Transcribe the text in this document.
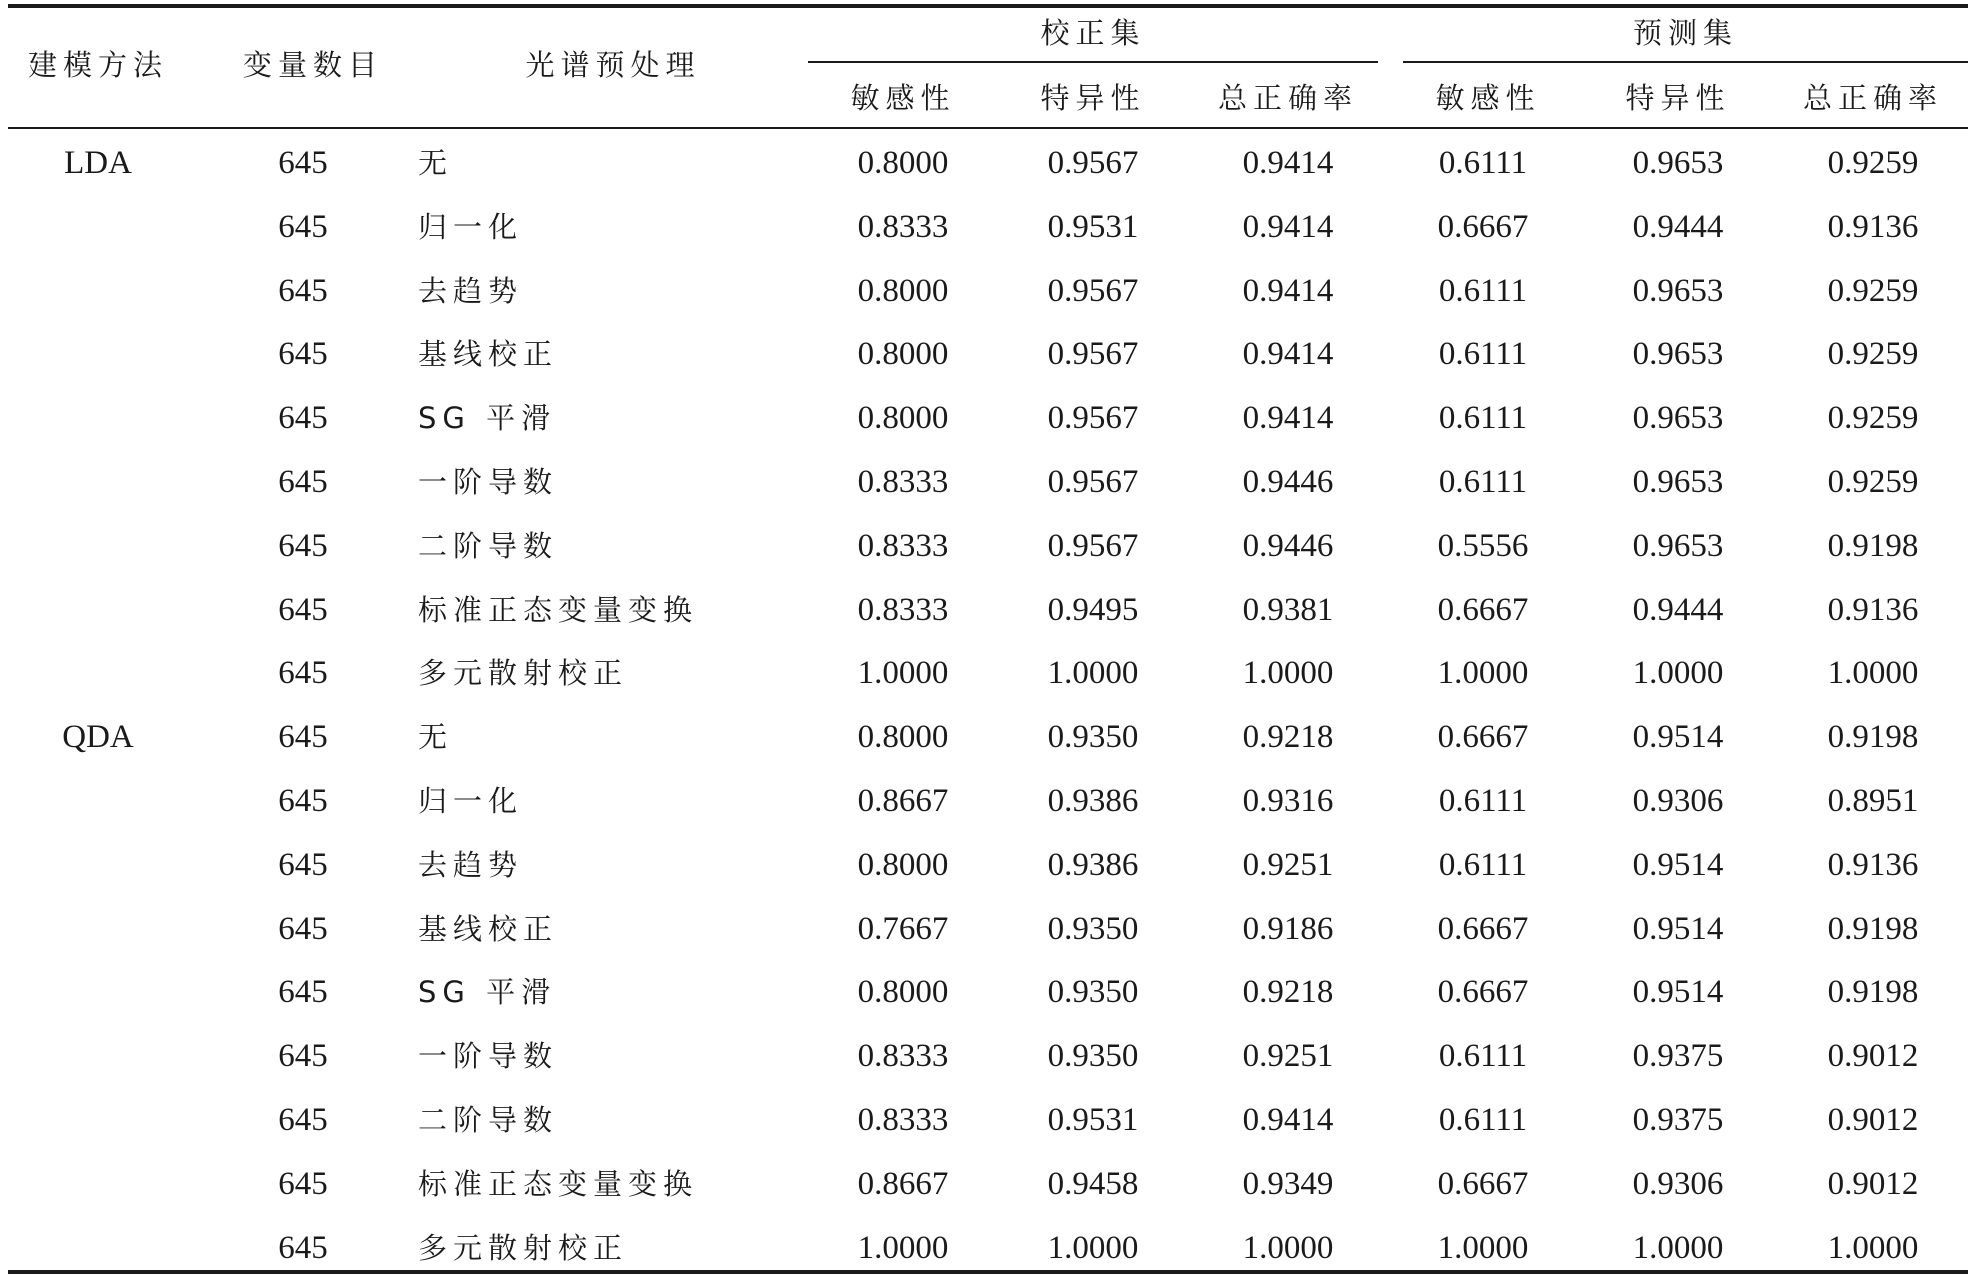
建模方法	变量数目	光谱预处理
校正集	预测集
敏感性	特异性	总正确率	敏感性	特异性	总正确率
LDA	645	无	0.8000	0.9567	0.9414	0.6111	0.9653	0.9259
645	归一化	0.8333	0.9531	0.9414	0.6667	0.9444	0.9136
645	去趋势	0.8000	0.9567	0.9414	0.6111	0.9653	0.9259
645	基线校正	0.8000	0.9567	0.9414	0.6111	0.9653	0.9259
645	SG 平滑	0.8000	0.9567	0.9414	0.6111	0.9653	0.9259
645	一阶导数	0.8333	0.9567	0.9446	0.6111	0.9653	0.9259
645	二阶导数	0.8333	0.9567	0.9446	0.5556	0.9653	0.9198
645	标准正态变量变换	0.8333	0.9495	0.9381	0.6667	0.9444	0.9136
645	多元散射校正	1.0000	1.0000	1.0000	1.0000	1.0000	1.0000
QDA	645	无	0.8000	0.9350	0.9218	0.6667	0.9514	0.9198
645	归一化	0.8667	0.9386	0.9316	0.6111	0.9306	0.8951
645	去趋势	0.8000	0.9386	0.9251	0.6111	0.9514	0.9136
645	基线校正	0.7667	0.9350	0.9186	0.6667	0.9514	0.9198
645	SG 平滑	0.8000	0.9350	0.9218	0.6667	0.9514	0.9198
645	一阶导数	0.8333	0.9350	0.9251	0.6111	0.9375	0.9012
645	二阶导数	0.8333	0.9531	0.9414	0.6111	0.9375	0.9012
645	标准正态变量变换	0.8667	0.9458	0.9349	0.6667	0.9306	0.9012
645	多元散射校正	1.0000	1.0000	1.0000	1.0000	1.0000	1.0000
